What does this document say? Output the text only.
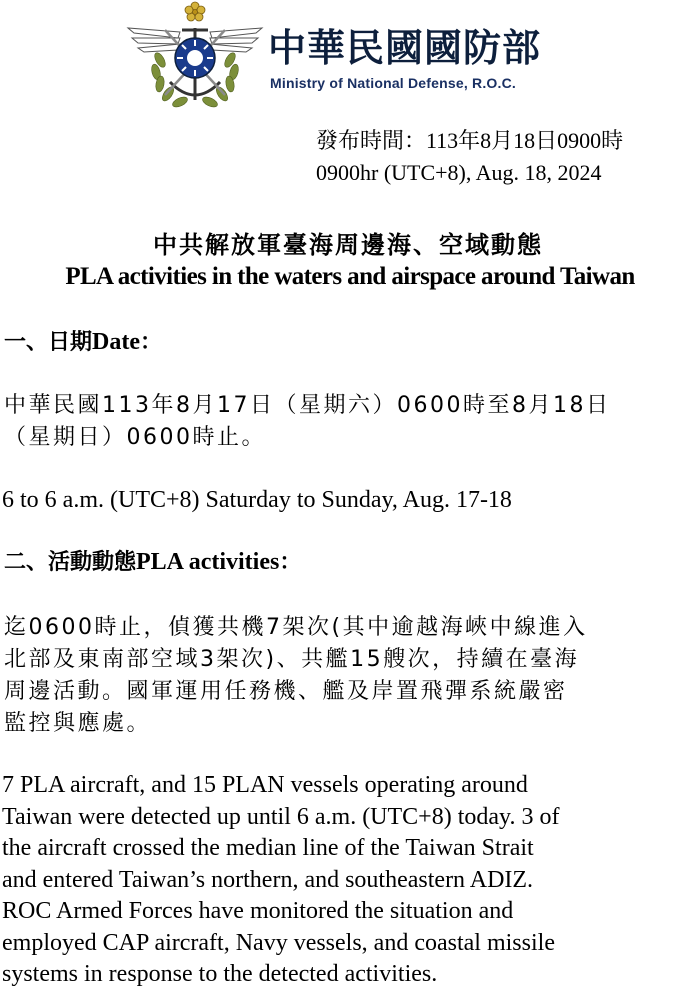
中華民國國防部
Ministry of National Defense, R.O.C.
發布時間：113年8月18日0900時
0900hr (UTC+8), Aug. 18, 2024
中共解放軍臺海周邊海、空域動態
PLA activities in the waters and airspace around Taiwan
一、日期Date：
中華民國113年8月17日（星期六）0600時至8月18日
（星期日）0600時止。
6 to 6 a.m. (UTC+8) Saturday to Sunday, Aug. 17-18
二、活動動態PLA activities：
迄0600時止，偵獲共機7架次(其中逾越海峽中線進入
北部及東南部空域3架次)、共艦15艘次，持續在臺海
周邊活動。國軍運用任務機、艦及岸置飛彈系統嚴密
監控與應處。
7 PLA aircraft, and 15 PLAN vessels operating around
Taiwan were detected up until 6 a.m. (UTC+8) today. 3 of
the aircraft crossed the median line of the Taiwan Strait
and entered Taiwan’s northern, and southeastern ADIZ.
ROC Armed Forces have monitored the situation and
employed CAP aircraft, Navy vessels, and coastal missile
systems in response to the detected activities.
